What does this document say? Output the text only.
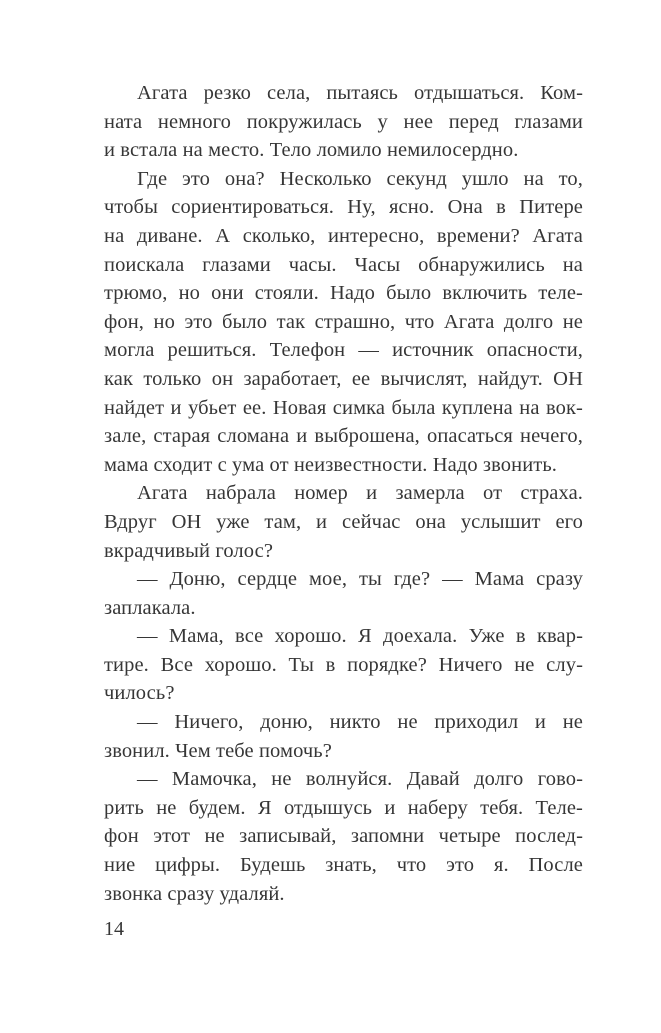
Агата резко села, пытаясь отдышаться. Ком-
ната немного покружилась у нее перед глазами
и встала на место. Тело ломило немилосердно.
Где это она? Несколько секунд ушло на то,
чтобы сориентироваться. Ну, ясно. Она в Питере
на диване. А сколько, интересно, времени? Агата
поискала глазами часы. Часы обнаружились на
трюмо, но они стояли. Надо было включить теле-
фон, но это было так страшно, что Агата долго не
могла решиться. Телефон — источник опасности,
как только он заработает, ее вычислят, найдут. ОН
найдет и убьет ее. Новая симка была куплена на вок-
зале, старая сломана и выброшена, опасаться нечего,
мама сходит с ума от неизвестности. Надо звонить.
Агата набрала номер и замерла от страха.
Вдруг ОН уже там, и сейчас она услышит его
вкрадчивый голос?
— Доню, сердце мое, ты где? — Мама сразу
заплакала.
— Мама, все хорошо. Я доехала. Уже в квар-
тире. Все хорошо. Ты в порядке? Ничего не слу-
чилось?
— Ничего, доню, никто не приходил и не
звонил. Чем тебе помочь?
— Мамочка, не волнуйся. Давай долго гово-
рить не будем. Я отдышусь и наберу тебя. Теле-
фон этот не записывай, запомни четыре послед-
ние цифры. Будешь знать, что это я. После
звонка сразу удаляй.
14
